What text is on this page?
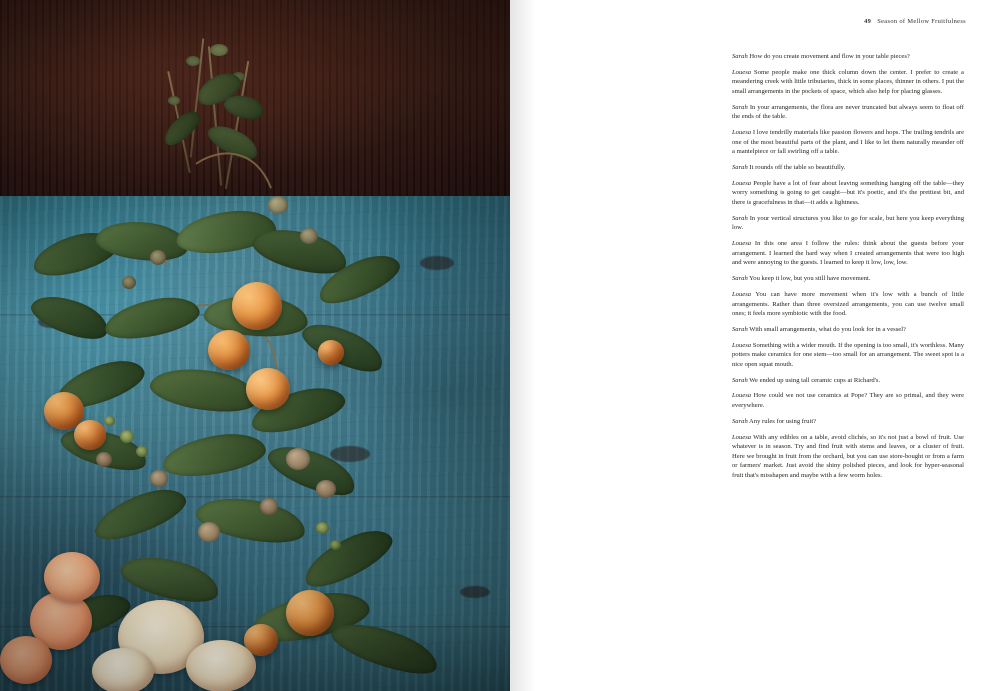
49 Season of Mellow Fruitfulness

Sarah How do you create movement and flow in your table pieces?

Louesa Some people make one thick column down the center. I prefer to create a meandering creek with little tributaries, thick in some places, thinner in others. I put the small arrangements in the pockets of space, which also help for placing glasses.

Sarah In your arrangements, the flora are never truncated but always seem to float off the ends of the table.

Louesa I love tendrilly materials like passion flowers and hops. The trailing tendrils are one of the most beautiful parts of the plant, and I like to let them naturally meander off a mantelpiece or fall swirling off a table.

Sarah It rounds off the table so beautifully.

Louesa People have a lot of fear about leaving something hanging off the table—they worry something is going to get caught—but it's poetic, and it's the prettiest bit, and there is gracefulness in that—it adds a lightness.

Sarah In your vertical structures you like to go for scale, but here you keep everything low.

Louesa In this one area I follow the rules: think about the guests before your arrangement. I learned the hard way when I created arrangements that were too high and were annoying to the guests. I learned to keep it low, low, low.

Sarah You keep it low, but you still have movement.

Louesa You can have more movement when it's low with a bunch of little arrangements. Rather than three oversized arrangements, you can use twelve small ones; it feels more symbiotic with the food.

Sarah With small arrangements, what do you look for in a vessel?

Louesa Something with a wider mouth. If the opening is too small, it's worthless. Many potters make ceramics for one stem—too small for an arrangement. The sweet spot is a nice open squat mouth.

Sarah We ended up using tall ceramic cups at Richard's.

Louesa How could we not use ceramics at Pope? They are so primal, and they were everywhere.

Sarah Any rules for using fruit?

Louesa With any edibles on a table, avoid clichés, so it's not just a bowl of fruit. Use whatever is in season. Try and find fruit with stems and leaves, or a cluster of fruit. Here we brought in fruit from the orchard, but you can use store-bought or from a farm or farmers' market. Just avoid the shiny polished pieces, and look for hyper-seasonal fruit that's misshapen and maybe with a few worm holes.
